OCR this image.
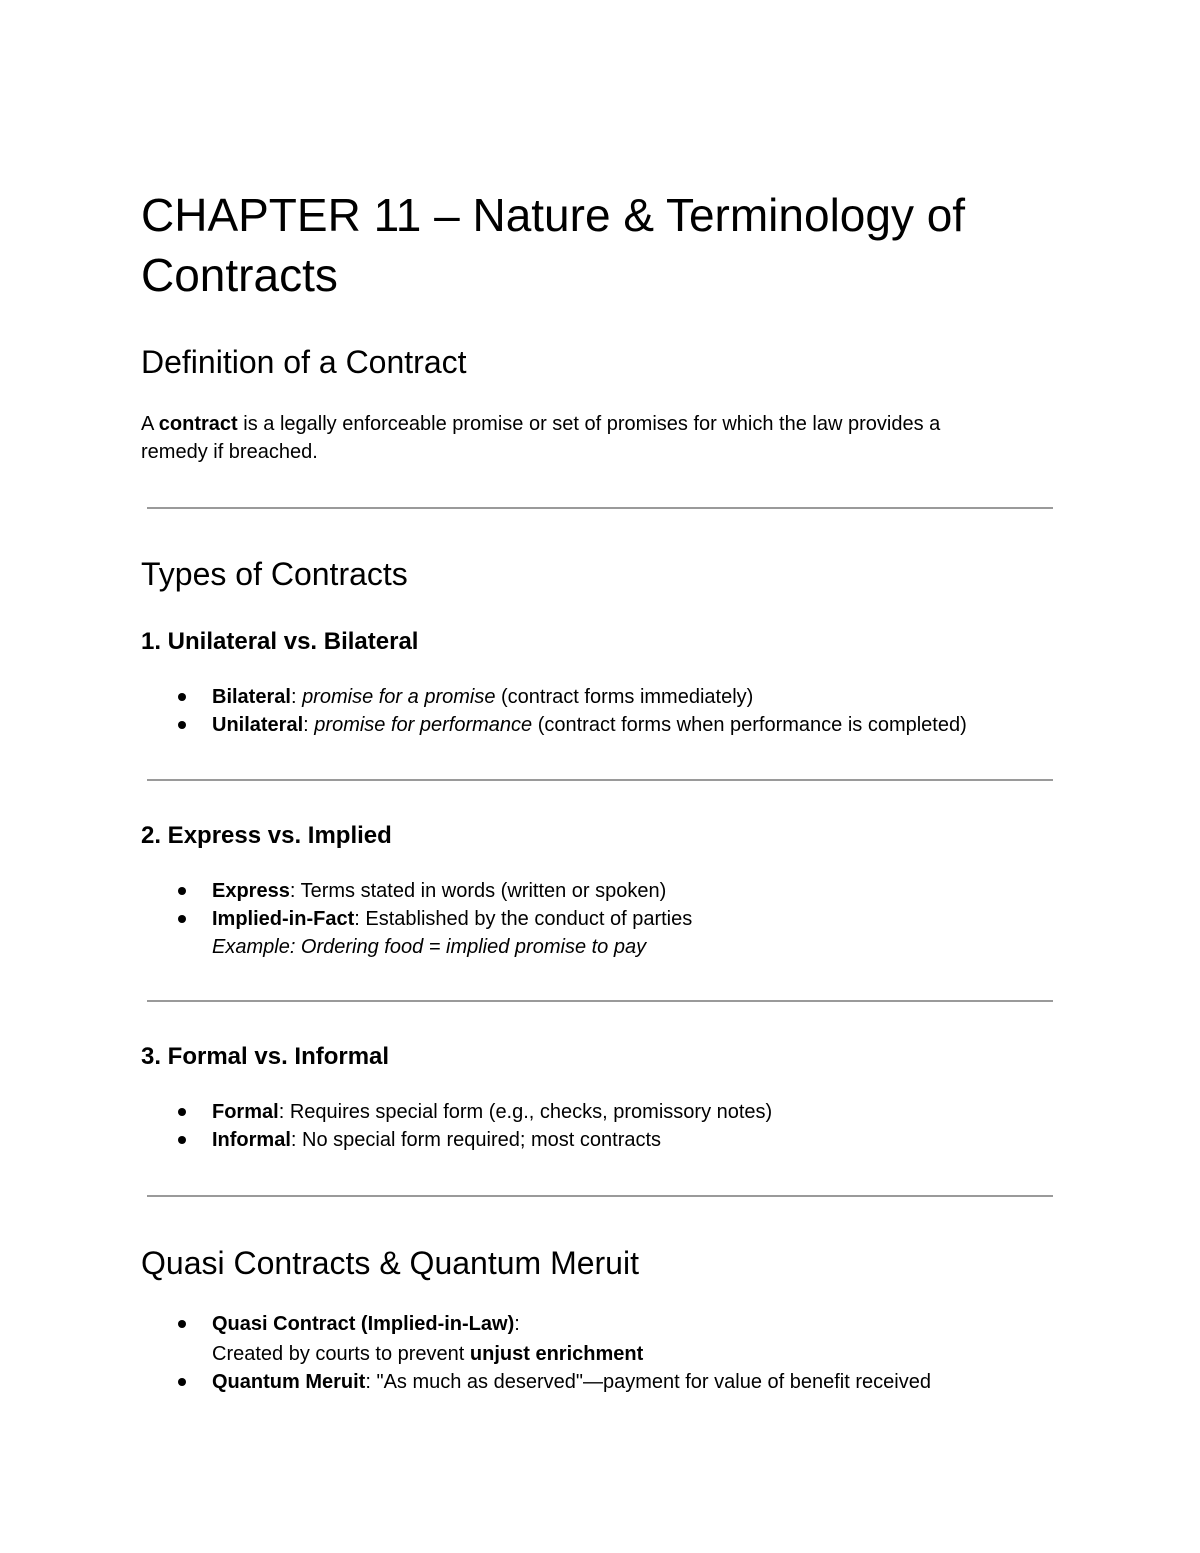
CHAPTER 11 – Nature & Terminology of
Contracts
Definition of a Contract

A contract is a legally enforceable promise or set of promises for which the law provides a

remedy if breached.

Types of Contracts
1. Unilateral vs. Bilateral
Bilateral: promise for a promise (contract forms immediately)
Unilateral: promise for performance (contract forms when performance is completed)
2. Express vs. Implied
Express: Terms stated in words (written or spoken)
Implied-in-Fact: Established by the conduct of parties

Example: Ordering food = implied promise to pay

3. Formal vs. Informal
Formal: Requires special form (e.g., checks, promissory notes)
Informal: No special form required; most contracts
Quasi Contracts & Quantum Meruit
Quasi Contract (Implied-in-Law):

Created by courts to prevent unjust enrichment

Quantum Meruit: "As much as deserved"—payment for value of benefit received
